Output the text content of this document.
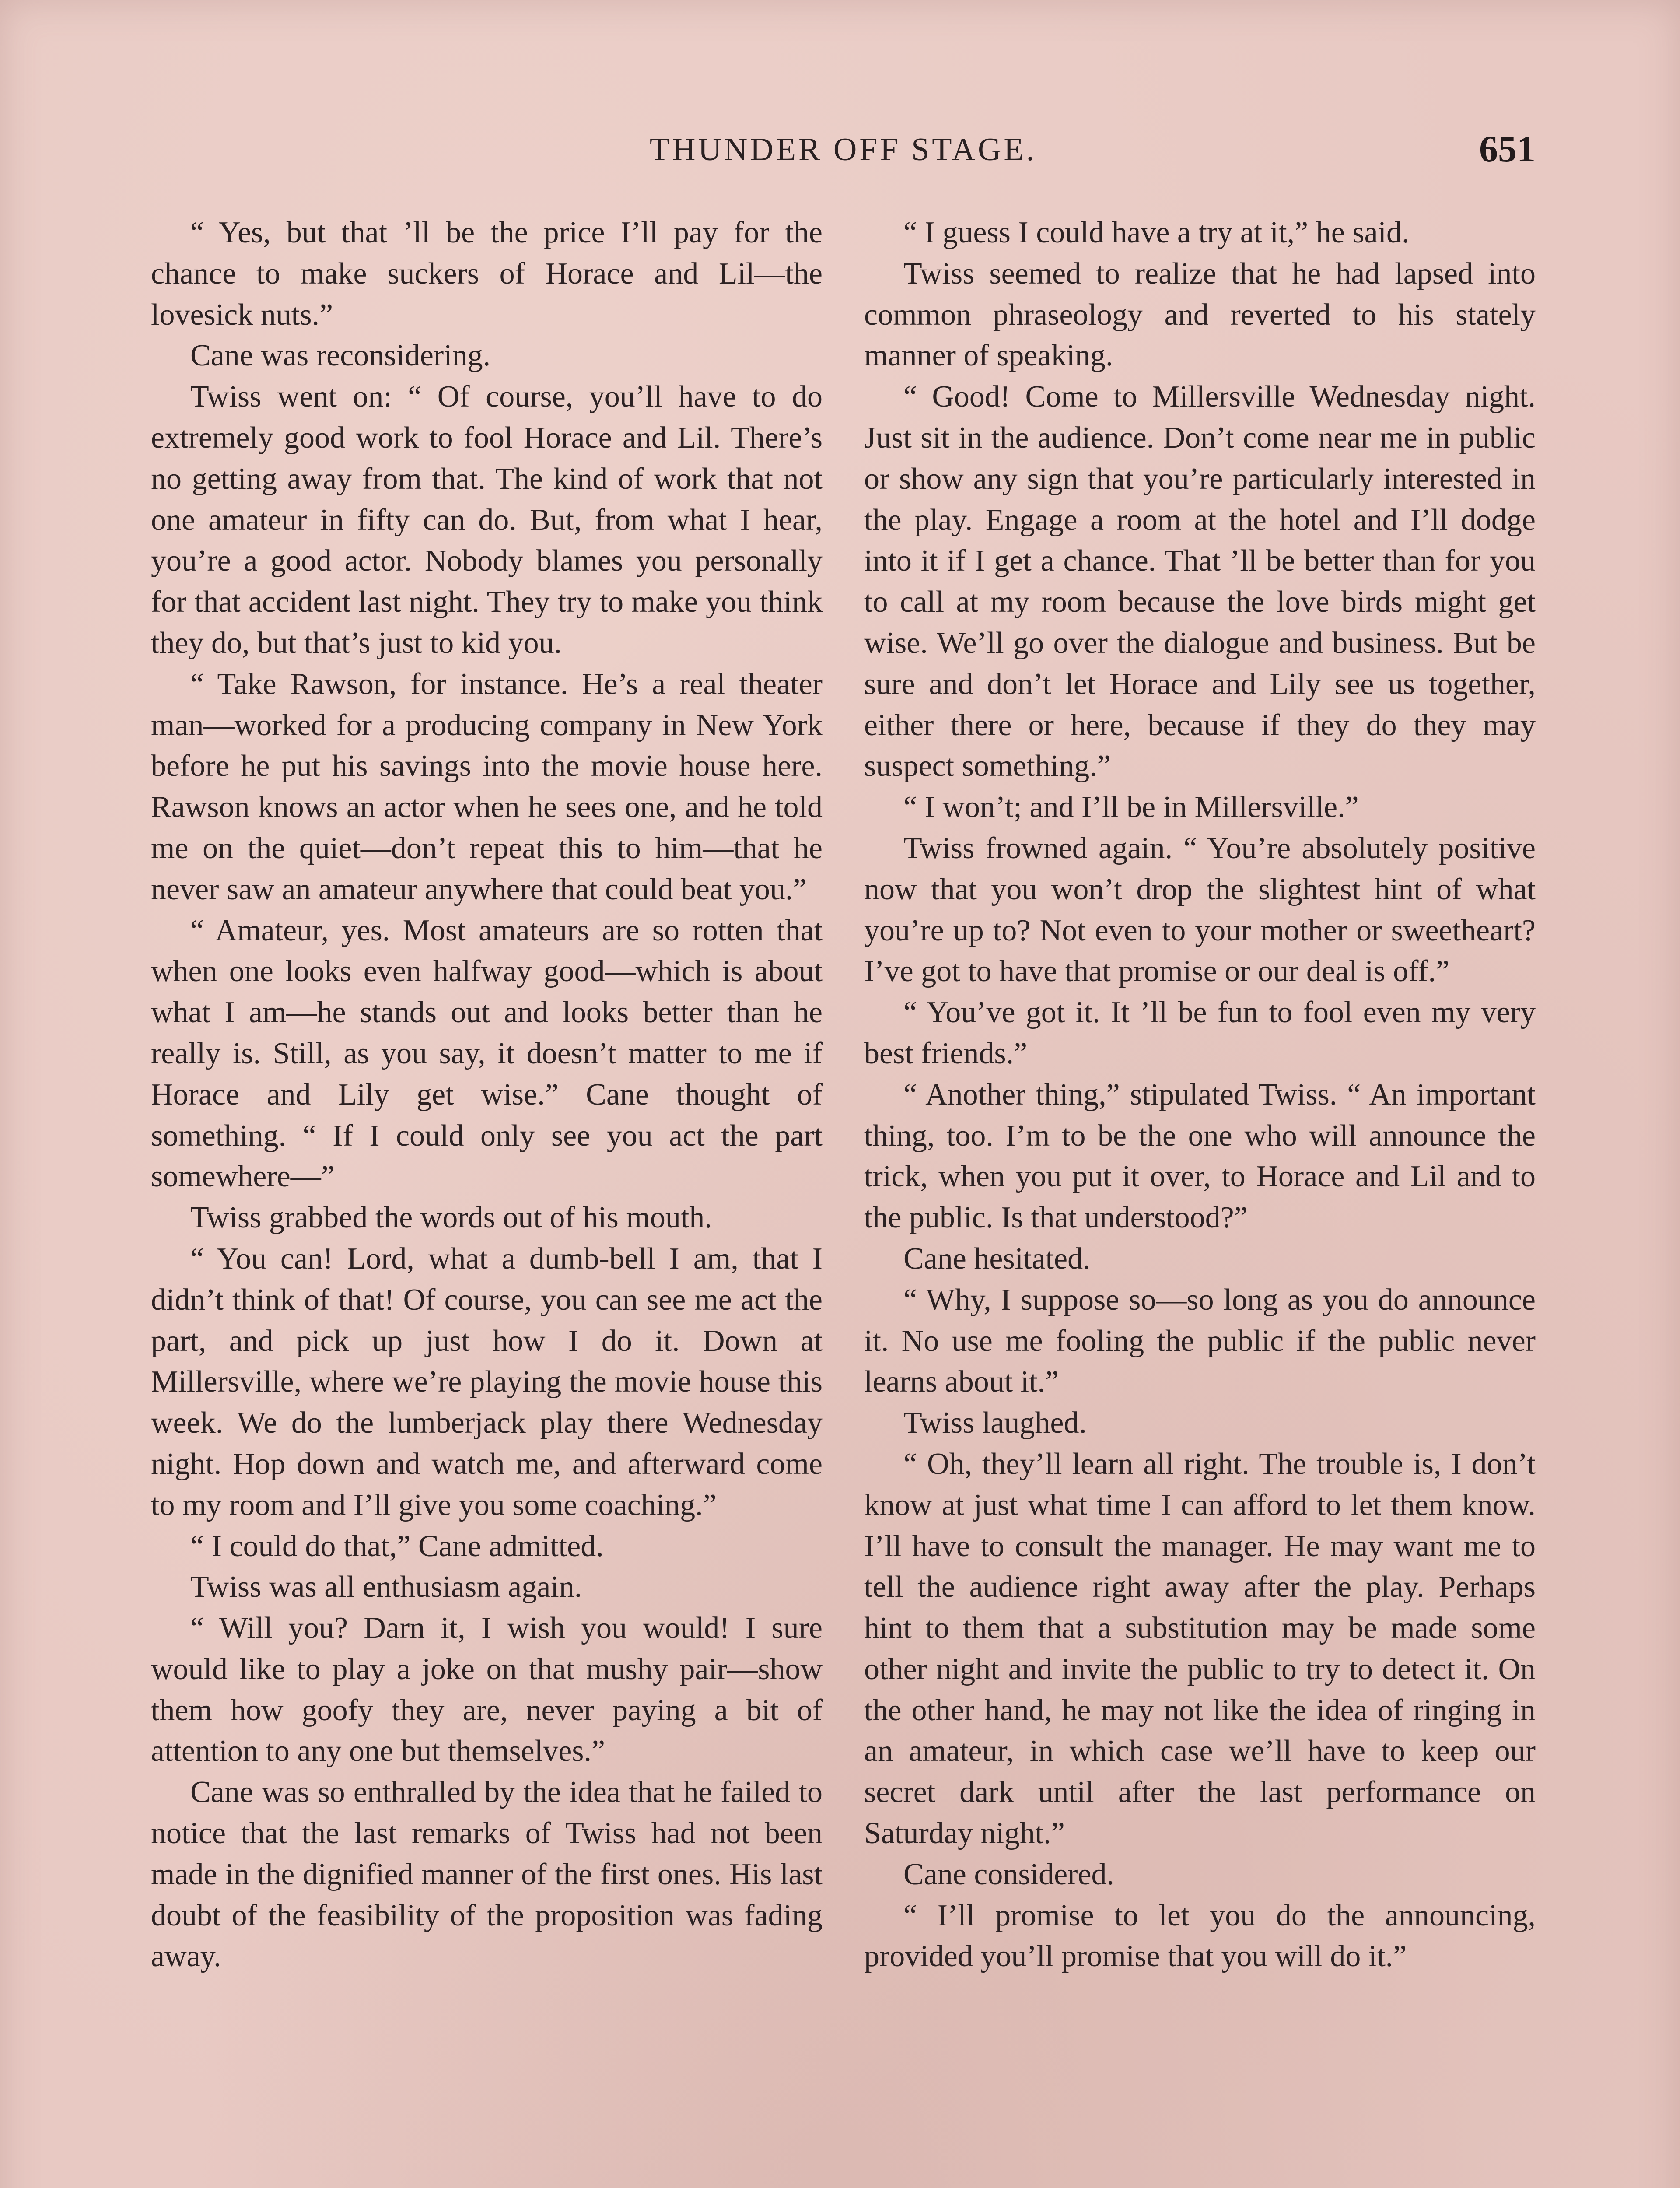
THUNDER OFF STAGE.	651

“ Yes, but that ’ll be the price I’ll pay for the chance to make suckers of Horace and Lil—the lovesick nuts.”

Cane was reconsidering.

Twiss went on: “ Of course, you’ll have to do extremely good work to fool Horace and Lil. There’s no getting away from that. The kind of work that not one amateur in fifty can do. But, from what I hear, you’re a good actor. Nobody blames you personally for that accident last night. They try to make you think they do, but that’s just to kid you.

“ Take Rawson, for instance. He’s a real theater man—worked for a producing company in New York before he put his savings into the movie house here. Rawson knows an actor when he sees one, and he told me on the quiet—don’t repeat this to him—that he never saw an amateur anywhere that could beat you.”

“ Amateur, yes. Most amateurs are so rotten that when one looks even halfway good—which is about what I am—he stands out and looks better than he really is. Still, as you say, it doesn’t matter to me if Horace and Lily get wise.” Cane thought of something. “ If I could only see you act the part somewhere—”

Twiss grabbed the words out of his mouth.

“ You can! Lord, what a dumb-bell I am, that I didn’t think of that! Of course, you can see me act the part, and pick up just how I do it. Down at Millersville, where we’re playing the movie house this week. We do the lumberjack play there Wednesday night. Hop down and watch me, and afterward come to my room and I’ll give you some coaching.”

“ I could do that,” Cane admitted.

Twiss was all enthusiasm again.

“ Will you? Darn it, I wish you would! I sure would like to play a joke on that mushy pair—show them how goofy they are, never paying a bit of attention to any one but themselves.”

Cane was so enthralled by the idea that he failed to notice that the last remarks of Twiss had not been made in the dignified manner of the first ones. His last doubt of the feasibility of the proposition was fading away.

“ I guess I could have a try at it,” he said.

Twiss seemed to realize that he had lapsed into common phraseology and reverted to his stately manner of speaking.

“ Good! Come to Millersville Wednesday night. Just sit in the audience. Don’t come near me in public or show any sign that you’re particularly interested in the play. Engage a room at the hotel and I’ll dodge into it if I get a chance. That ’ll be better than for you to call at my room because the love birds might get wise. We’ll go over the dialogue and business. But be sure and don’t let Horace and Lily see us together, either there or here, because if they do they may suspect something.”

“ I won’t; and I’ll be in Millersville.”

Twiss frowned again. “ You’re absolutely positive now that you won’t drop the slightest hint of what you’re up to? Not even to your mother or sweetheart? I’ve got to have that promise or our deal is off.”

“ You’ve got it. It ’ll be fun to fool even my very best friends.”

“ Another thing,” stipulated Twiss. “ An important thing, too. I’m to be the one who will announce the trick, when you put it over, to Horace and Lil and to the public. Is that understood?”

Cane hesitated.

“ Why, I suppose so—so long as you do announce it. No use me fooling the public if the public never learns about it.”

Twiss laughed.

“ Oh, they’ll learn all right. The trouble is, I don’t know at just what time I can afford to let them know. I’ll have to consult the manager. He may want me to tell the audience right away after the play. Perhaps hint to them that a substitution may be made some other night and invite the public to try to detect it. On the other hand, he may not like the idea of ringing in an amateur, in which case we’ll have to keep our secret dark until after the last performance on Saturday night.”

Cane considered.

“ I’ll promise to let you do the announcing, provided you’ll promise that you will do it.”
